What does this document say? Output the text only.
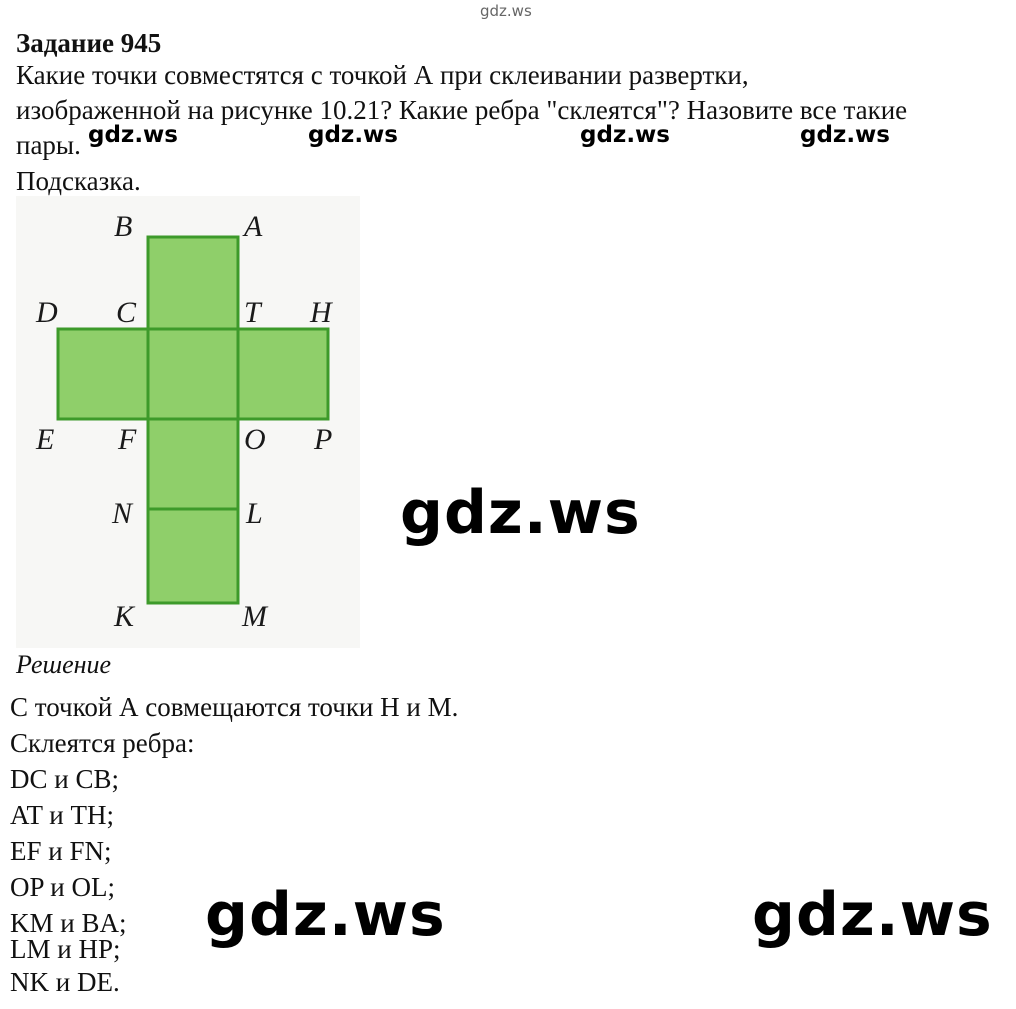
gdz.ws
Задание 945
Какие точки совместятся с точкой А при склеивании развертки,
изображенной на рисунке 10.21? Какие ребра "склеятся"? Назовите все такие
пары.
Подсказка.
gdz.ws	gdz.ws	gdz.ws	gdz.ws
B	A
D C	T H
E F	O P
N	L
K	M
gdz.ws
Решение
С точкой А совмещаются точки Н и М.
Склеятся ребра:
DC и CB;
AT и TH;
EF и FN;
OP и OL;
KM и BA;
LM и HP;
NK и DE.
gdz.ws	gdz.ws
